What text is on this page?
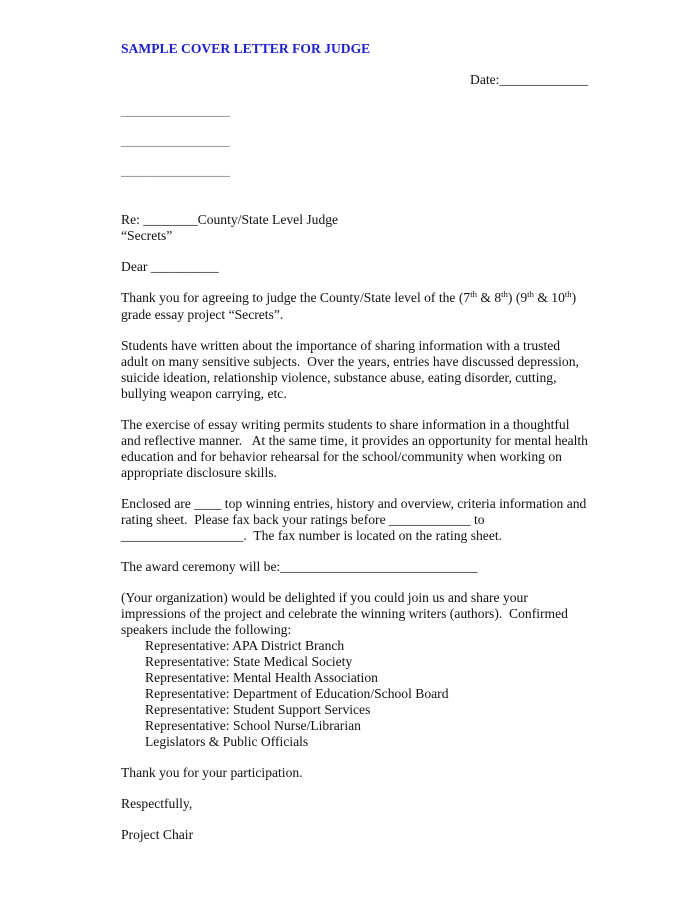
SAMPLE COVER LETTER FOR JUDGE
Date:_____________
________________
________________
________________
Re: ________County/State Level Judge
“Secrets”
Dear __________
Thank you for agreeing to judge the County/State level of the (7th & 8th) (9th & 10th)
grade essay project “Secrets”.
Students have written about the importance of sharing information with a trusted
adult on many sensitive subjects.  Over the years, entries have discussed depression,
suicide ideation, relationship violence, substance abuse, eating disorder, cutting,
bullying weapon carrying, etc.
The exercise of essay writing permits students to share information in a thoughtful
and reflective manner.   At the same time, it provides an opportunity for mental health
education and for behavior rehearsal for the school/community when working on
appropriate disclosure skills.
Enclosed are ____ top winning entries, history and overview, criteria information and
rating sheet.  Please fax back your ratings before ____________ to
__________________.  The fax number is located on the rating sheet.
The award ceremony will be:_____________________________
(Your organization) would be delighted if you could join us and share your
impressions of the project and celebrate the winning writers (authors).  Confirmed
speakers include the following:
Representative: APA District Branch
Representative: State Medical Society
Representative: Mental Health Association
Representative: Department of Education/School Board
Representative: Student Support Services
Representative: School Nurse/Librarian
Legislators & Public Officials
Thank you for your participation.
Respectfully,
Project Chair
